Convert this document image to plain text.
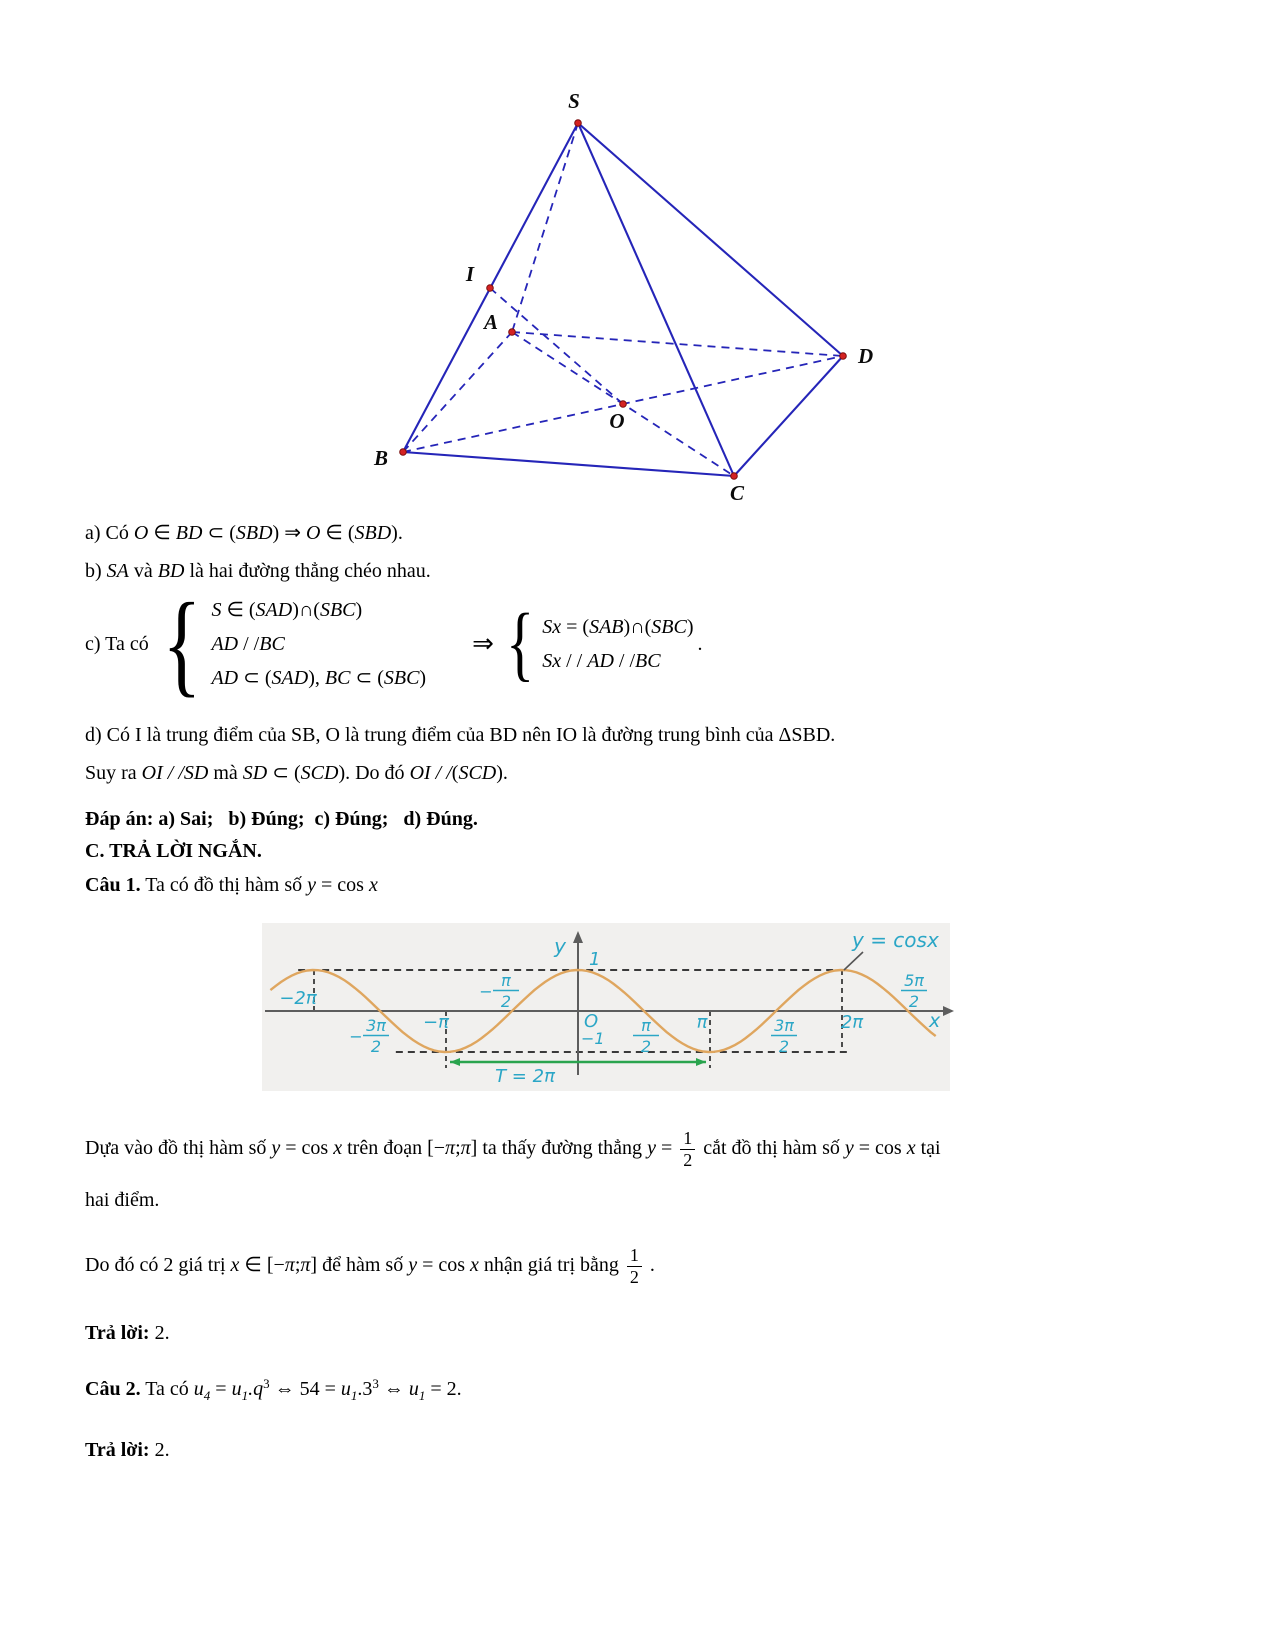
S
I
A
B
C
D
O
a) Có O ∈ BD ⊂ (SBD) ⇒ O ∈ (SBD).
b) SA và BD là hai đường thẳng chéo nhau.
c) Ta có { S ∈ (SAD)∩(SBC)
AD / /BC
AD ⊂ (SAD), BC ⊂ (SBC)
⇒ { Sx = (SAB)∩(SBC)
Sx / / AD / /BC
.
d) Có I là trung điểm của SB, O là trung điểm của BD nên IO là đường trung bình của ΔSBD.
Suy ra OI / /SD mà SD ⊂ (SCD). Do đó OI / /(SCD).
Đáp án: a) Sai;   b) Đúng;  c) Đúng;   d) Đúng.
C. TRẢ LỜI NGẮN.
Câu 1. Ta có đồ thị hàm số y = cos x
y
1
O
−1
x
−2π
−
3π
2
−π
−
π
2
π
2
π	3π
2
2π
5π
2
T = 2π
y = cosx
Dựa vào đồ thị hàm số y = cos x trên đoạn [−π;π] ta thấy đường thẳng $y = \frac{1}{2}$ cắt đồ thị hàm số y = cos x tại
hai điểm.
Do đó có 2 giá trị x ∈ [−π;π] để hàm số y = cos x nhận giá trị bằng $\frac{1}{2}$ .
Trả lời: 2.
Câu 2. Ta có $u_4 = u_1.q^3$ ⇔ $54 = u_1.3^3$ ⇔ $u_1 = 2$.
Trả lời: 2.
